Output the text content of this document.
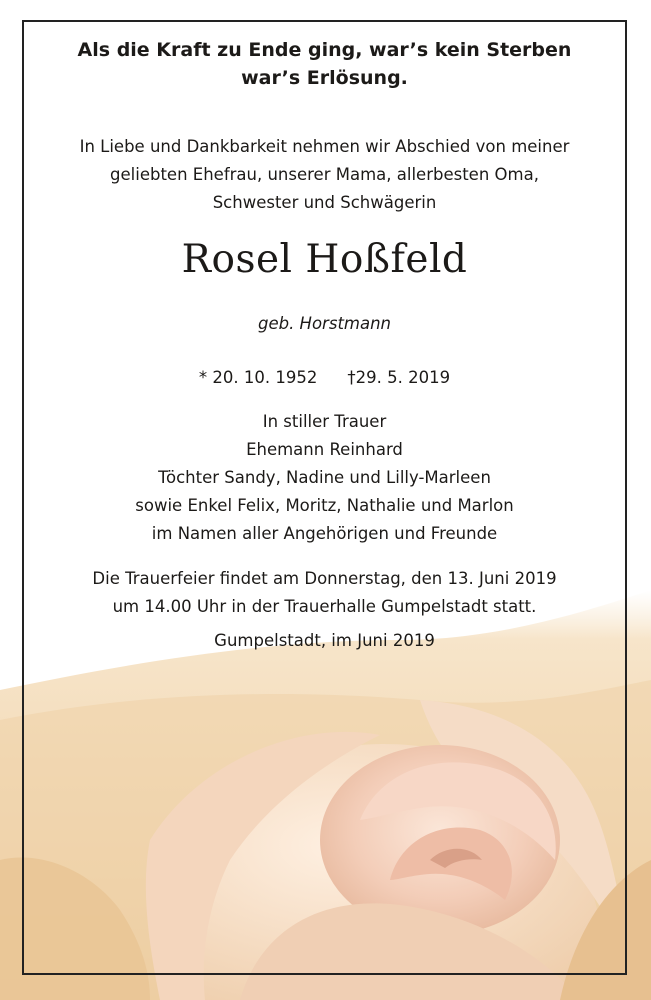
Als die Kraft zu Ende ging, war’s kein Sterben
war’s Erlösung.
In Liebe und Dankbarkeit nehmen wir Abschied von meiner
geliebten Ehefrau, unserer Mama, allerbesten Oma,
Schwester und Schwägerin
Rosel Hoßfeld
geb. Horstmann
* 20. 10. 1952 †29. 5. 2019
In stiller Trauer
Ehemann Reinhard
Töchter Sandy, Nadine und Lilly-Marleen
sowie Enkel Felix, Moritz, Nathalie und Marlon
im Namen aller Angehörigen und Freunde
Die Trauerfeier findet am Donnerstag, den 13. Juni 2019
um 14.00 Uhr in der Trauerhalle Gumpelstadt statt.
Gumpelstadt, im Juni 2019
